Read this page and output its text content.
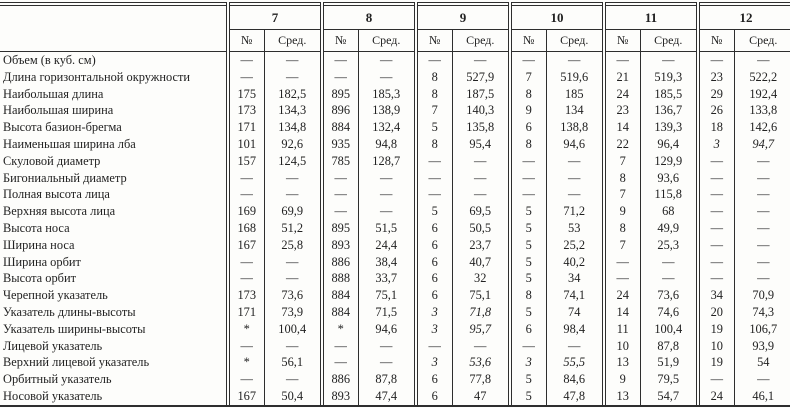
	7		8		9		10		11		12	
	№	Сред.	№	Сред.	№	Сред.	№	Сред.	№	Сред.	№	Сред.
Объем (в куб. см)	—	—	—	—	—	—	—	—	—	—	—	—
Длина горизонтальной окружности	—	—	—	—	8	527,9	7	519,6	21	519,3	23	522,2
Наибольшая длина	175	182,5	895	185,3	8	187,5	8	185	24	185,5	29	192,4
Наибольшая ширина	173	134,3	896	138,9	7	140,3	9	134	23	136,7	26	133,8
Высота базион-брегма	171	134,8	884	132,4	5	135,8	6	138,8	14	139,3	18	142,6
Наименьшая ширина лба	101	92,6	935	94,8	8	95,4	8	94,6	22	96,4	3	94,7
Скуловой диаметр	157	124,5	785	128,7	—	—	—	—	7	129,9	—	—
Бигониальный диаметр	—	—	—	—	—	—	—	—	8	93,6	—	—
Полная высота лица	—	—	—	—	—	—	—	—	7	115,8	—	—
Верхняя высота лица	169	69,9	—	—	5	69,5	5	71,2	9	68	—	—
Высота носа	168	51,2	895	51,5	6	50,5	5	53	8	49,9	—	—
Ширина носа	167	25,8	893	24,4	6	23,7	5	25,2	7	25,3	—	—
Ширина орбит	—	—	886	38,4	6	40,7	5	40,2	—	—	—	—
Высота орбит	—	—	888	33,7	6	32	5	34	—	—	—	—
Черепной указатель	173	73,6	884	75,1	6	75,1	8	74,1	24	73,6	34	70,9
Указатель длины-высоты	171	73,9	884	71,5	3	71,8	5	74	14	74,6	20	74,3
Указатель ширины-высоты	*	100,4	*	94,6	3	95,7	6	98,4	11	100,4	19	106,7
Лицевой указатель	—	—	—	—	—	—	—	—	10	87,8	10	93,9
Верхний лицевой указатель	*	56,1	—	—	3	53,6	3	55,5	13	51,9	19	54
Орбитный указатель	—	—	886	87,8	6	77,8	5	84,6	9	79,5	—	—
Носовой указатель	167	50,4	893	47,4	6	47	5	47,8	13	54,7	24	46,1
